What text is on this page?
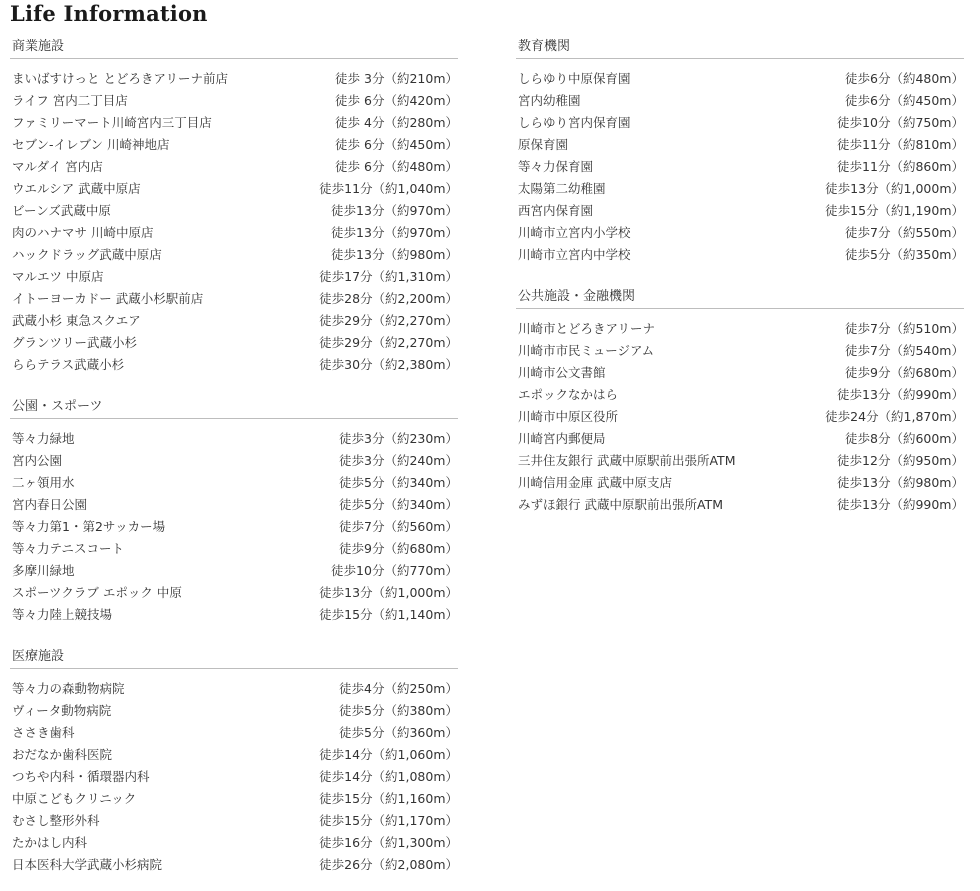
Life Information
商業施設
まいばすけっと とどろきアリーナ前店	徒歩 3分（約210m）
ライフ 宮内二丁目店	徒歩 6分（約420m）
ファミリーマート川崎宮内三丁目店	徒歩 4分（約280m）
セブン-イレブン 川崎神地店	徒歩 6分（約450m）
マルダイ 宮内店	徒歩 6分（約480m）
ウエルシア 武蔵中原店	徒歩11分（約1,040m）
ビーンズ武蔵中原	徒歩13分（約970m）
肉のハナマサ 川崎中原店	徒歩13分（約970m）
ハックドラッグ武蔵中原店	徒歩13分（約980m）
マルエツ 中原店	徒歩17分（約1,310m）
イトーヨーカドー 武蔵小杉駅前店	徒歩28分（約2,200m）
武蔵小杉 東急スクエア	徒歩29分（約2,270m）
グランツリー武蔵小杉	徒歩29分（約2,270m）
ららテラス武蔵小杉	徒歩30分（約2,380m）
公園・スポーツ
等々力緑地	徒歩3分（約230m）
宮内公園	徒歩3分（約240m）
二ヶ領用水	徒歩5分（約340m）
宮内春日公園	徒歩5分（約340m）
等々力第1・第2サッカー場	徒歩7分（約560m）
等々力テニスコート	徒歩9分（約680m）
多摩川緑地	徒歩10分（約770m）
スポーツクラブ エポック 中原	徒歩13分（約1,000m）
等々力陸上競技場	徒歩15分（約1,140m）
医療施設
等々力の森動物病院	徒歩4分（約250m）
ヴィータ動物病院	徒歩5分（約380m）
ささき歯科	徒歩5分（約360m）
おだなか歯科医院	徒歩14分（約1,060m）
つちや内科・循環器内科	徒歩14分（約1,080m）
中原こどもクリニック	徒歩15分（約1,160m）
むさし整形外科	徒歩15分（約1,170m）
たかはし内科	徒歩16分（約1,300m）
日本医科大学武蔵小杉病院	徒歩26分（約2,080m）
教育機関
しらゆり中原保育園	徒歩6分（約480m）
宮内幼稚園	徒歩6分（約450m）
しらゆり宮内保育園	徒歩10分（約750m）
原保育園	徒歩11分（約810m）
等々力保育園	徒歩11分（約860m）
太陽第二幼稚園	徒歩13分（約1,000m）
西宮内保育園	徒歩15分（約1,190m）
川崎市立宮内小学校	徒歩7分（約550m）
川崎市立宮内中学校	徒歩5分（約350m）
公共施設・金融機関
川崎市とどろきアリーナ	徒歩7分（約510m）
川崎市市民ミュージアム	徒歩7分（約540m）
川崎市公文書館	徒歩9分（約680m）
エポックなかはら	徒歩13分（約990m）
川崎市中原区役所	徒歩24分（約1,870m）
川崎宮内郵便局	徒歩8分（約600m）
三井住友銀行 武蔵中原駅前出張所ATM	徒歩12分（約950m）
川崎信用金庫 武蔵中原支店	徒歩13分（約980m）
みずほ銀行 武蔵中原駅前出張所ATM	徒歩13分（約990m）
